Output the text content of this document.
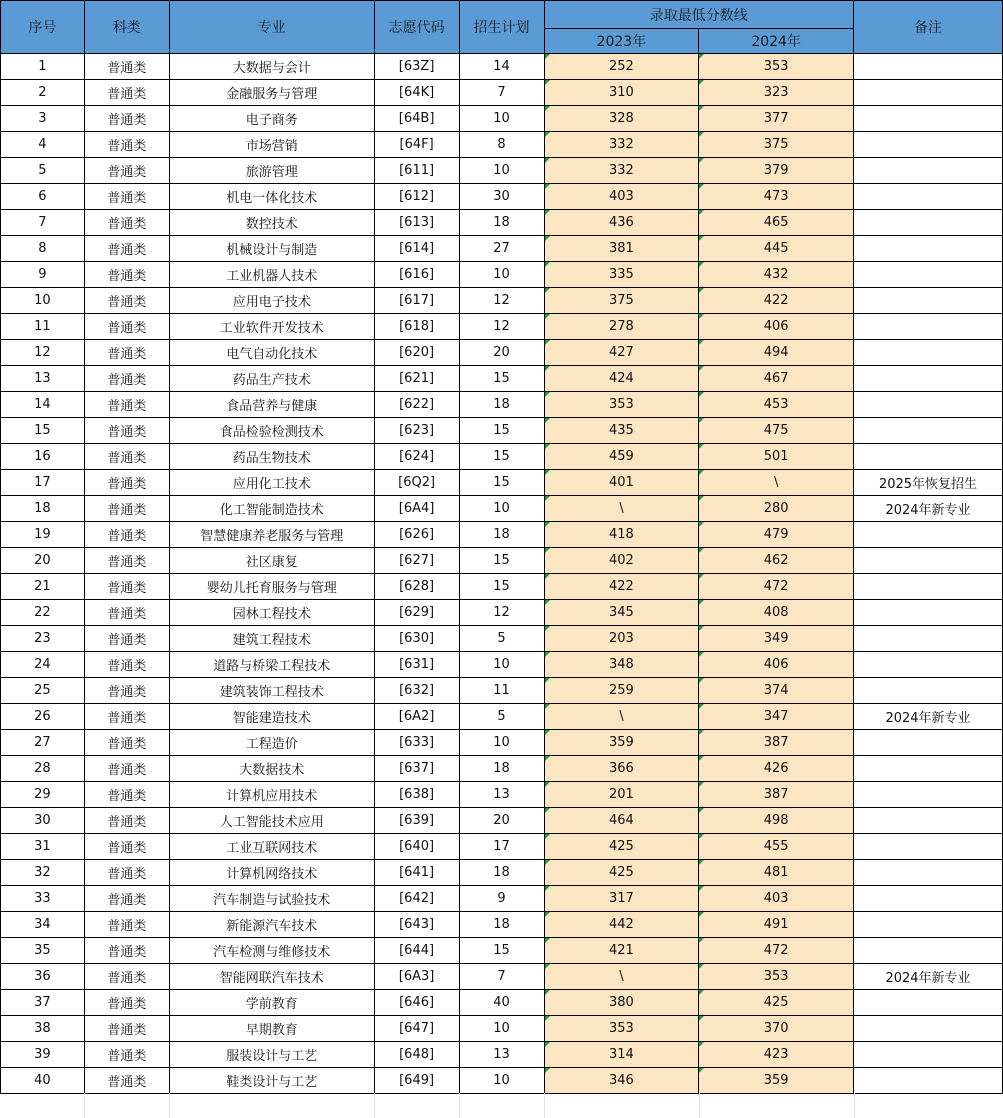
序号	科类	专业	志愿代码	招生计划	录取最低分数线		备注
					2023年	2024年	
1	普通类	大数据与会计	[63Z]	14	252	353	
2	普通类	金融服务与管理	[64K]	7	310	323	
3	普通类	电子商务	[64B]	10	328	377	
4	普通类	市场营销	[64F]	8	332	375	
5	普通类	旅游管理	[611]	10	332	379	
6	普通类	机电一体化技术	[612]	30	403	473	
7	普通类	数控技术	[613]	18	436	465	
8	普通类	机械设计与制造	[614]	27	381	445	
9	普通类	工业机器人技术	[616]	10	335	432	
10	普通类	应用电子技术	[617]	12	375	422	
11	普通类	工业软件开发技术	[618]	12	278	406	
12	普通类	电气自动化技术	[620]	20	427	494	
13	普通类	药品生产技术	[621]	15	424	467	
14	普通类	食品营养与健康	[622]	18	353	453	
15	普通类	食品检验检测技术	[623]	15	435	475	
16	普通类	药品生物技术	[624]	15	459	501	
17	普通类	应用化工技术	[6Q2]	15	401	\	2025年恢复招生
18	普通类	化工智能制造技术	[6A4]	10	\	280	2024年新专业
19	普通类	智慧健康养老服务与管理	[626]	18	418	479	
20	普通类	社区康复	[627]	15	402	462	
21	普通类	婴幼儿托育服务与管理	[628]	15	422	472	
22	普通类	园林工程技术	[629]	12	345	408	
23	普通类	建筑工程技术	[630]	5	203	349	
24	普通类	道路与桥梁工程技术	[631]	10	348	406	
25	普通类	建筑装饰工程技术	[632]	11	259	374	
26	普通类	智能建造技术	[6A2]	5	\	347	2024年新专业
27	普通类	工程造价	[633]	10	359	387	
28	普通类	大数据技术	[637]	18	366	426	
29	普通类	计算机应用技术	[638]	13	201	387	
30	普通类	人工智能技术应用	[639]	20	464	498	
31	普通类	工业互联网技术	[640]	17	425	455	
32	普通类	计算机网络技术	[641]	18	425	481	
33	普通类	汽车制造与试验技术	[642]	9	317	403	
34	普通类	新能源汽车技术	[643]	18	442	491	
35	普通类	汽车检测与维修技术	[644]	15	421	472	
36	普通类	智能网联汽车技术	[6A3]	7	\	353	2024年新专业
37	普通类	学前教育	[646]	40	380	425	
38	普通类	早期教育	[647]	10	353	370	
39	普通类	服装设计与工艺	[648]	13	314	423	
40	普通类	鞋类设计与工艺	[649]	10	346	359	
